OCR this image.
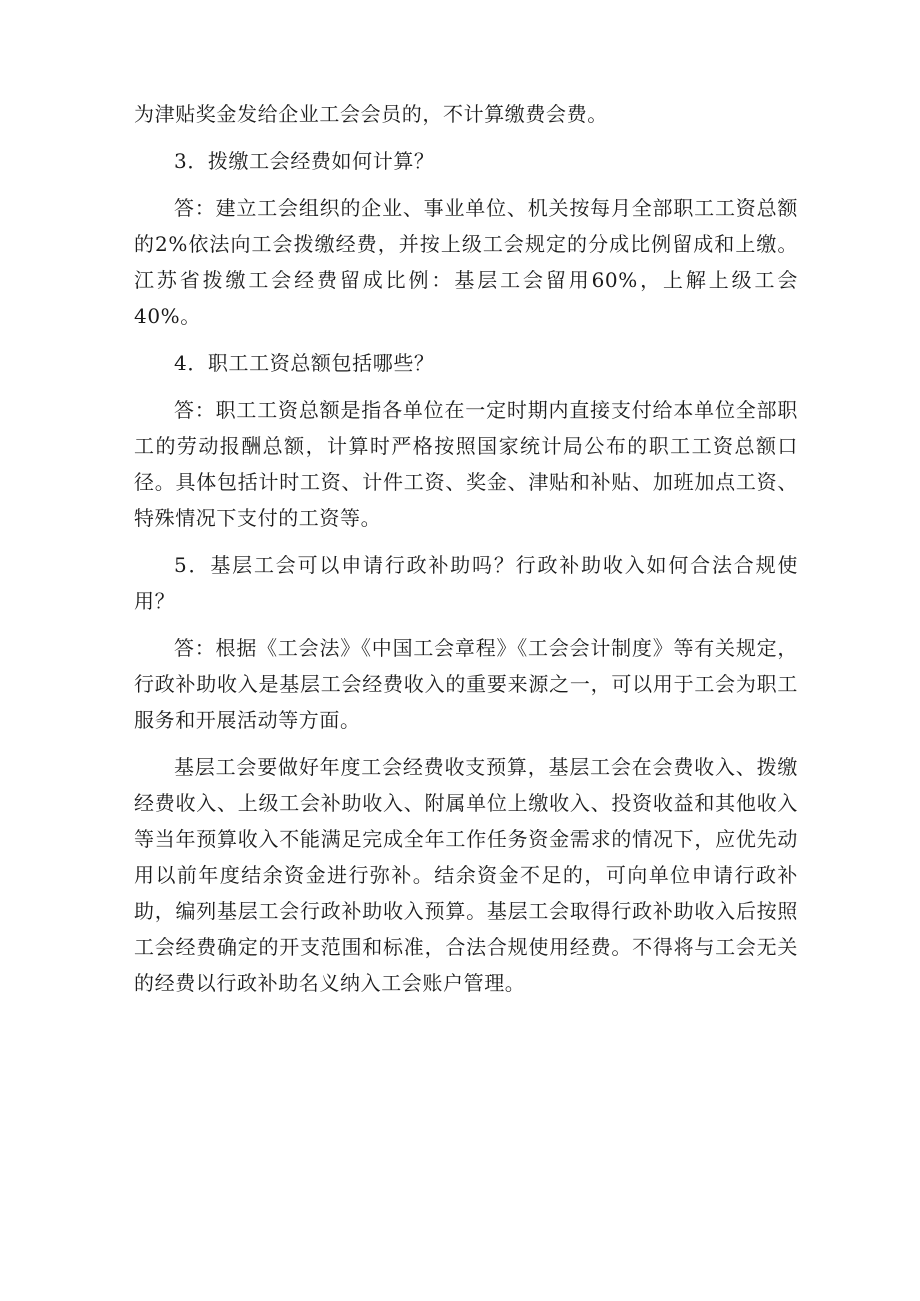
为津贴奖金发给企业工会会员的，不计算缴费会费。

3．拨缴工会经费如何计算？

答：建立工会组织的企业、事业单位、机关按每月全部职工工资总额的2%依法向工会拨缴经费，并按上级工会规定的分成比例留成和上缴。江苏省拨缴工会经费留成比例：基层工会留用60%，上解上级工会40%。

4．职工工资总额包括哪些？

答：职工工资总额是指各单位在一定时期内直接支付给本单位全部职工的劳动报酬总额，计算时严格按照国家统计局公布的职工工资总额口径。具体包括计时工资、计件工资、奖金、津贴和补贴、加班加点工资、特殊情况下支付的工资等。

5．基层工会可以申请行政补助吗？行政补助收入如何合法合规使用？

答：根据《工会法》《中国工会章程》《工会会计制度》等有关规定，行政补助收入是基层工会经费收入的重要来源之一，可以用于工会为职工服务和开展活动等方面。

基层工会要做好年度工会经费收支预算，基层工会在会费收入、拨缴经费收入、上级工会补助收入、附属单位上缴收入、投资收益和其他收入等当年预算收入不能满足完成全年工作任务资金需求的情况下，应优先动用以前年度结余资金进行弥补。结余资金不足的，可向单位申请行政补助，编列基层工会行政补助收入预算。基层工会取得行政补助收入后按照工会经费确定的开支范围和标准，合法合规使用经费。不得将与工会无关的经费以行政补助名义纳入工会账户管理。
